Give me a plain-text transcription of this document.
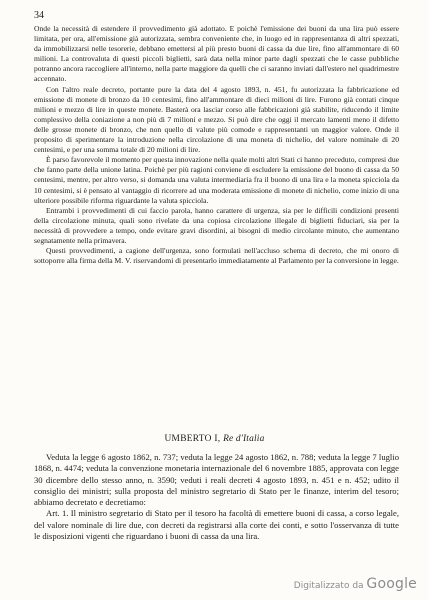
34

Onde la necessità di estendere il provvedimento già adottato. E poichè l'emissione dei buoni da una lira può essere limitata, per ora, all'emissione già autorizzata, sembra conveniente che, in luogo ed in rappresentanza di altri spezzati, da immobilizzarsi nelle tesorerie, debbano emettersi al più presto buoni di cassa da due lire, fino all'ammontare di 60 milioni. La controvaluta di questi piccoli biglietti, sarà data nella minor parte dagli spezzati che le casse pubbliche potranno ancora raccogliere all'interno, nella parte maggiore da quelli che ci saranno inviati dall'estero nel quadrimestre accennato.

Con l'altro reale decreto, portante pure la data del 4 agosto 1893, n. 451, fu autorizzata la fabbricazione ed emissione di monete di bronzo da 10 centesimi, fino all'ammontare di dieci milioni di lire. Furono già contati cinque milioni e mezzo di lire in queste monete. Basterà ora lasciar corso alle fabbricazioni già stabilite, riducendo il limite complessivo della coniazione a non più di 7 milioni e mezzo. Si può dire che oggi il mercato lamenti meno il difetto delle grosse monete di bronzo, che non quello di valute più comode e rappresentanti un maggior valore. Onde il proposito di sperimentare la introduzione nella circolazione di una moneta di nichelio, del valore nominale di 20 centesimi, e per una somma totale di 20 milioni di lire.

È parso favorevole il momento per questa innovazione nella quale molti altri Stati ci hanno preceduto, compresi due che fanno parte della unione latina. Poichè per più ragioni conviene di escludere la emissione del buono di cassa da 50 centesimi, mentre, per altro verso, si domanda una valuta intermediaria fra il buono di una lira e la moneta spicciola da 10 centesimi, si è pensato al vantaggio di ricorrere ad una moderata emissione di monete di nichelio, come inizio di una ulteriore possibile riforma riguardante la valuta spicciola.

Entrambi i provvedimenti di cui faccio parola, hanno carattere di urgenza, sia per le difficili condizioni presenti della circolazione minuta, quali sono rivelate da una copiosa circolazione illegale di biglietti fiduciari, sia per la necessità di provvedere a tempo, onde evitare gravi disordini, ai bisogni di medio circolante minuto, che aumentano segnatamente nella primavera.

Questi provvedimenti, a cagione dell'urgenza, sono formulati nell'accluso schema di decreto, che mi onoro di sottoporre alla firma della M. V. riservandomi di presentarlo immediatamente al Parlamento per la conversione in legge.

UMBERTO I, Re d'Italia

Veduta la legge 6 agosto 1862, n. 737; veduta la legge 24 agosto 1862, n. 788; veduta la legge 7 luglio 1868, n. 4474; veduta la convenzione monetaria internazionale del 6 novembre 1885, approvata con legge 30 dicembre dello stesso anno, n. 3590; veduti i reali decreti 4 agosto 1893, n. 451 e n. 452; udito il consiglio dei ministri; sulla proposta del ministro segretario di Stato per le finanze, interim del tesoro; abbiamo decretato e decretiamo:

Art. 1. Il ministro segretario di Stato per il tesoro ha facoltà di emettere buoni di cassa, a corso legale, del valore nominale di lire due, con decreti da registrarsi alla corte dei conti, e sotto l'osservanza di tutte le disposizioni vigenti che riguardano i buoni di cassa da una lira.

Digitalizzato da Google
